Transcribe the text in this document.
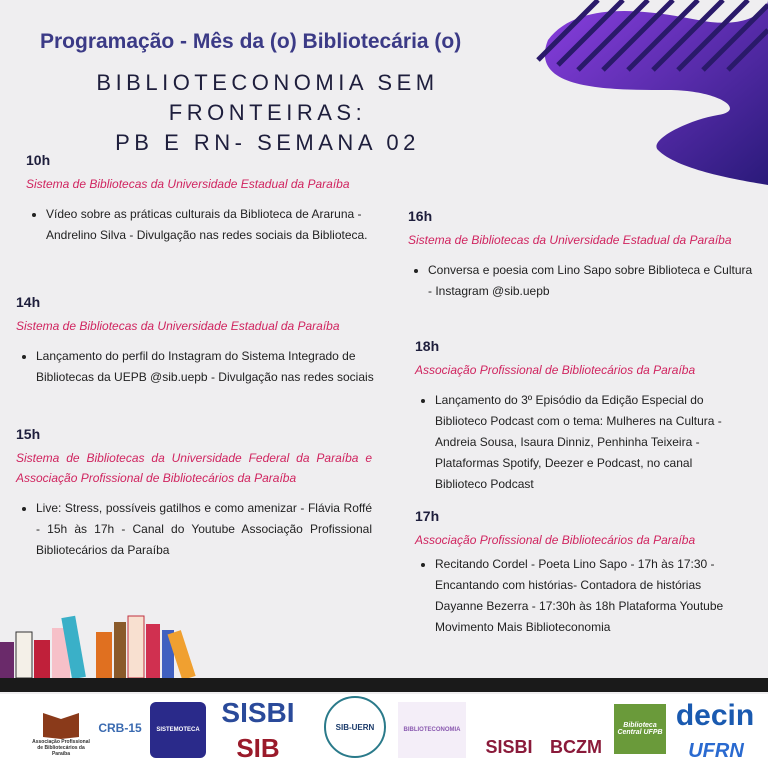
Programação - Mês da (o) Bibliotecária (o)
BIBLIOTECONOMIA SEM FRONTEIRAS:
PB E RN- SEMANA 02
10h
Sistema de Bibliotecas da Universidade Estadual da Paraíba
• Vídeo sobre as práticas culturais da Biblioteca de Araruna - Andrelino Silva - Divulgação nas redes sociais da Biblioteca.
14h
Sistema de Bibliotecas da Universidade Estadual da Paraíba
• Lançamento do perfil do Instagram do Sistema Integrado de Bibliotecas da UEPB @sib.uepb - Divulgação nas redes sociais
15h
Sistema de Bibliotecas da Universidade Federal da Paraíba e Associação Profissional de Bibliotecários da Paraíba
• Live: Stress, possíveis gatilhos e como amenizar - Flávia Roffé - 15h às 17h - Canal do Youtube Associação Profissional Bibliotecários da Paraíba
16h
Sistema de Bibliotecas da Universidade Estadual da Paraíba
• Conversa e poesia com Lino Sapo sobre Biblioteca e Cultura - Instagram @sib.uepb
18h
Associação Profissional de Bibliotecários da Paraíba
• Lançamento do 3º Episódio da Edição Especial do Biblioteco Podcast com o tema: Mulheres na Cultura - Andreia Sousa, Isaura Dinniz, Penhinha Teixeira - Plataformas Spotify, Deezer e Podcast, no canal Biblioteco Podcast
17h
Associação Profissional de Bibliotecários da Paraíba
• Recitando Cordel - Poeta Lino Sapo - 17h às 17:30 - Encantando com histórias- Contadora de histórias Dayanne Bezerra - 17:30h às 18h Plataforma Youtube Movimento Mais Biblioteconomia
Associação Profissional de Bibliotecários da Paraíba
CRB-15	SISTEMOTECA
SISBI
SIB
SIB-UERN	BIBLIOTECONOMIA
SISBI BCZM
Biblioteca Central UFPB
decin
UFRN
